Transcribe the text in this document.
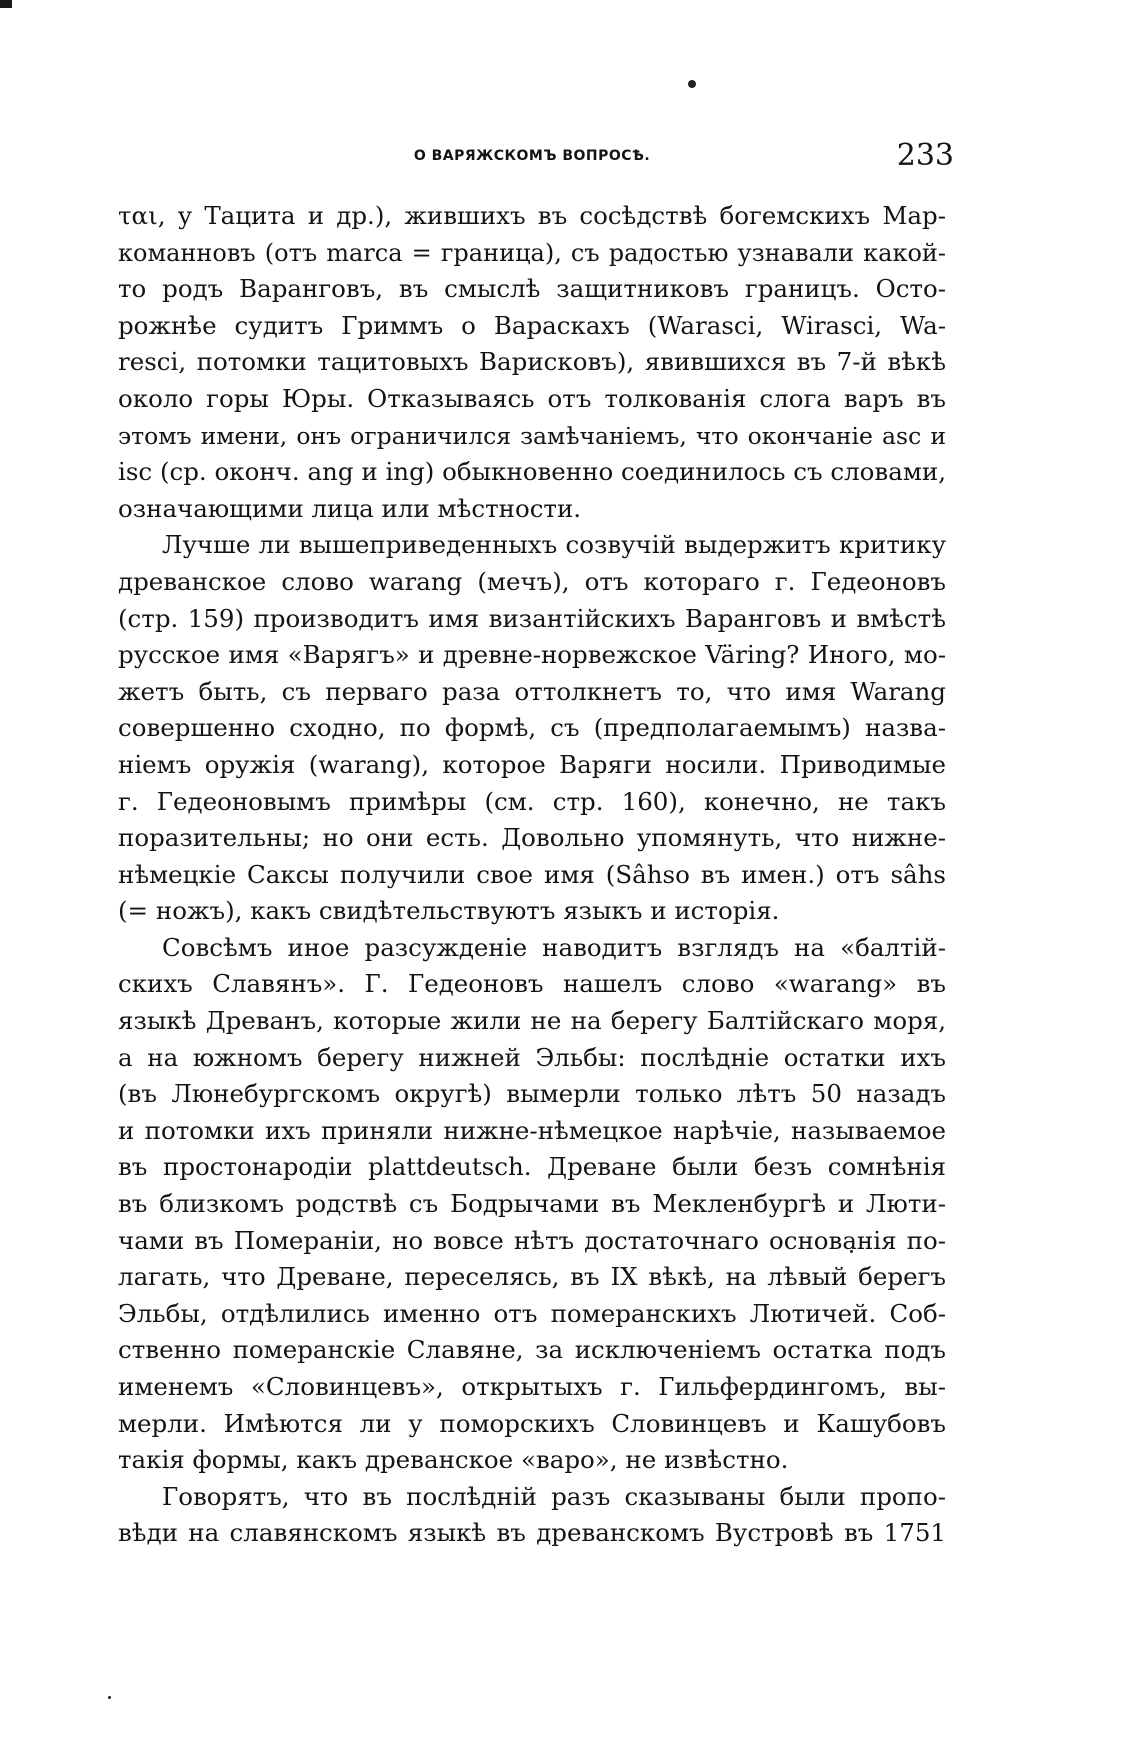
О ВАРЯЖСКОМЪ ВОПРОСѢ.	233
ται, у Тацита и др.), жившихъ въ сосѣдствѣ богемскихъ Мар-
команновъ (отъ marca = граница), съ радостью узнавали какой-
то родъ Варанговъ, въ смыслѣ защитниковъ границъ. Осто-
рожнѣе судитъ Гриммъ о Вараскахъ (Warasci, Wirasci, Wa-
resci, потомки тацитовыхъ Варисковъ), явившихся въ 7-й вѣкѣ
около горы Юры. Отказываясь отъ толкованія слога варъ въ
этомъ имени, онъ ограничился замѣчаніемъ, что окончаніе asc и
isc (ср. оконч. ang и ing) обыкновенно соединилось съ словами,
означающими лица или мѣстности.
Лучше ли вышеприведенныхъ созвучій выдержитъ критику
древанское слово warang (мечъ), отъ котораго г. Гедеоновъ
(стр. 159) производитъ имя византійскихъ Варанговъ и вмѣстѣ
русское имя «Варягъ» и древне-норвежское Väring? Иного, мо-
жетъ быть, съ перваго раза оттолкнетъ то, что имя Warang
совершенно сходно, по формѣ, съ (предполагаемымъ) назва-
ніемъ оружія (warang), которое Варяги носили. Приводимые
г. Гедеоновымъ примѣры (см. стр. 160), конечно, не такъ
поразительны; но они есть. Довольно упомянуть, что нижне-
нѣмецкіе Саксы получили свое имя (Sâhso въ имен.) отъ sâhs
(= ножъ), какъ свидѣтельствуютъ языкъ и исторія.
Совсѣмъ иное разсужденіе наводитъ взглядъ на «балтій-
скихъ Славянъ». Г. Гедеоновъ нашелъ слово «warang» въ
языкѣ Древанъ, которые жили не на берегу Балтійскаго моря,
а на южномъ берегу нижней Эльбы: послѣдніе остатки ихъ
(въ Люнебургскомъ округѣ) вымерли только лѣтъ 50 назадъ
и потомки ихъ приняли нижне-нѣмецкое нарѣчіе, называемое
въ простонародіи plattdeutsch. Древане были безъ сомнѣнія
въ близкомъ родствѣ съ Бодрычами въ Мекленбургѣ и Люти-
чами въ Помераніи, но вовсе нѣтъ достаточнаго основанія по-
лагать, что Древане, переселясь, въ IX вѣкѣ, на лѣвый берегъ
Эльбы, отдѣлились именно отъ померанскихъ Лютичей. Соб-
ственно померанскіе Славяне, за исключеніемъ остатка подъ
именемъ «Словинцевъ», открытыхъ г. Гильфердингомъ, вы-
мерли. Имѣются ли у поморскихъ Словинцевъ и Кашубовъ
такія формы, какъ древанское «варо», не извѣстно.
Говорятъ, что въ послѣдній разъ сказываны были пропо-
вѣди на славянскомъ языкѣ въ древанскомъ Вустровѣ въ 1751
